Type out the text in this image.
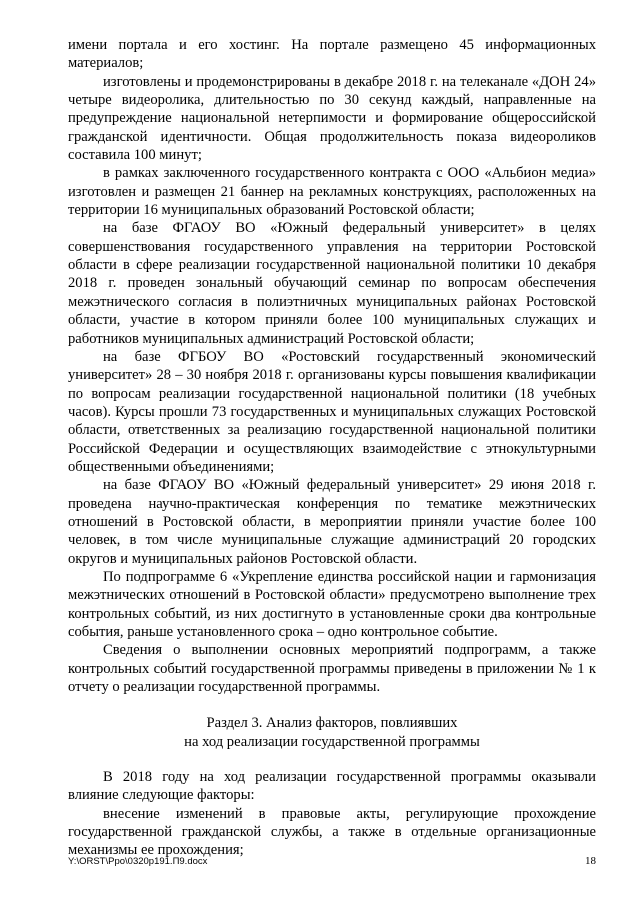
имени портала и его хостинг. На портале размещено 45 информационных материалов;

изготовлены и продемонстрированы в декабре 2018 г. на телеканале «ДОН 24» четыре видеоролика, длительностью по 30 секунд каждый, направленные на предупреждение национальной нетерпимости и формирование общероссийской гражданской идентичности. Общая продолжительность показа видеороликов составила 100 минут;

в рамках заключенного государственного контракта с ООО «Альбион медиа» изготовлен и размещен 21 баннер на рекламных конструкциях, расположенных на территории 16 муниципальных образований Ростовской области;

на базе ФГАОУ ВО «Южный федеральный университет» в целях совершенствования государственного управления на территории Ростовской области в сфере реализации государственной национальной политики 10 декабря 2018 г. проведен зональный обучающий семинар по вопросам обеспечения межэтнического согласия в полиэтничных муниципальных районах Ростовской области, участие в котором приняли более 100 муниципальных служащих и работников муниципальных администраций Ростовской области;

на базе ФГБОУ ВО «Ростовский государственный экономический университет» 28 – 30 ноября 2018 г. организованы курсы повышения квалификации по вопросам реализации государственной национальной политики (18 учебных часов). Курсы прошли 73 государственных и муниципальных служащих Ростовской области, ответственных за реализацию государственной национальной политики Российской Федерации и осуществляющих взаимодействие с этнокультурными общественными объединениями;

на базе ФГАОУ ВО «Южный федеральный университет» 29 июня 2018 г. проведена научно-практическая конференция по тематике межэтнических отношений в Ростовской области, в мероприятии приняли участие более 100 человек, в том числе муниципальные служащие администраций 20 городских округов и муниципальных районов Ростовской области.

По подпрограмме 6 «Укрепление единства российской нации и гармонизация межэтнических отношений в Ростовской области» предусмотрено выполнение трех контрольных событий, из них достигнуто в установленные сроки два контрольные события, раньше установленного срока – одно контрольное событие.

Сведения о выполнении основных мероприятий подпрограмм, а также контрольных событий государственной программы приведены в приложении № 1 к отчету о реализации государственной программы.

Раздел 3. Анализ факторов, повлиявших
на ход реализации государственной программы

В 2018 году на ход реализации государственной программы оказывали влияние следующие факторы:

внесение изменений в правовые акты, регулирующие прохождение государственной гражданской службы, а также в отдельные организационные механизмы ее прохождения;

Y:\ORST\Ppo\0320p191.П9.docx	18
